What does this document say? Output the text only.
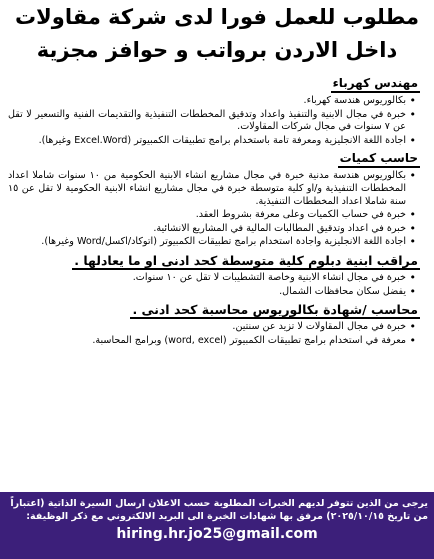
مطلوب للعمل فورا لدى شركة مقاولات
داخل الاردن برواتب و حوافز مجزية
مهندس كهرباء
• بكالوريوس هندسة كهرباء.
• خبرة في مجال الابنية والتنفيذ واعداد وتدقيق المخططات التنفيذية والتقديمات الفنية والتسعير لا تقل عن ٧ سنوات في مجال شركات المقاولات.
• اجادة اللغة الانجليزية ومعرفة تامة باستخدام برامج تطبيقات الكمبيوتر (Excel.Word وغيرها).
حاسب كميات
• بكالوريوس هندسة مدنية خبرة في مجال مشاريع انشاء الابنية الحكومية من ١٠ سنوات شاملا اعداد المخططات التنفيذية و/او كلية متوسطة خبرة في مجال مشاريع انشاء الابنية الحكومية لا تقل عن ١٥ سنة شاملا اعداد المخططات التنفيذية.
• خبرة في حساب الكميات وعلى معرفة بشروط العقد.
• خبرة في اعداد وتدقيق المطالبات المالية في المشاريع الانشائية.
• اجادة اللغة الانجليزية واجادة استخدام برامج تطبيقات الكمبيوتر (اتوكاد/اكسل/Word وغيرها).
مراقب ابنية دبلوم كلية متوسطة كحد ادنى او ما يعادلها .
• خبرة في مجال انشاء الابنية وخاصة التشطيبات لا تقل عن ١٠ سنوات.
• يفضل سكان محافظات الشمال.
محاسب /شهادة بكالوريوس محاسبة كحد ادنى .
• خبرة في مجال المقاولات لا تزيد عن سنتين.
• معرفة في استخدام برامج تطبيقات الكمبيوتر (word, excel) وبرامج المحاسبة.
يرجى من الذين تتوفر لديهم الخبرات المطلوبة حسب الاعلان ارسال السيرة الذاتية (اعتباراً من تاريخ ٢٠٢٥/١٠/١٥) مرفق بها شهادات الخبرة الى البريد الالكتروني مع ذكر الوظيفة:
hiring.hr.jo25@gmail.com
